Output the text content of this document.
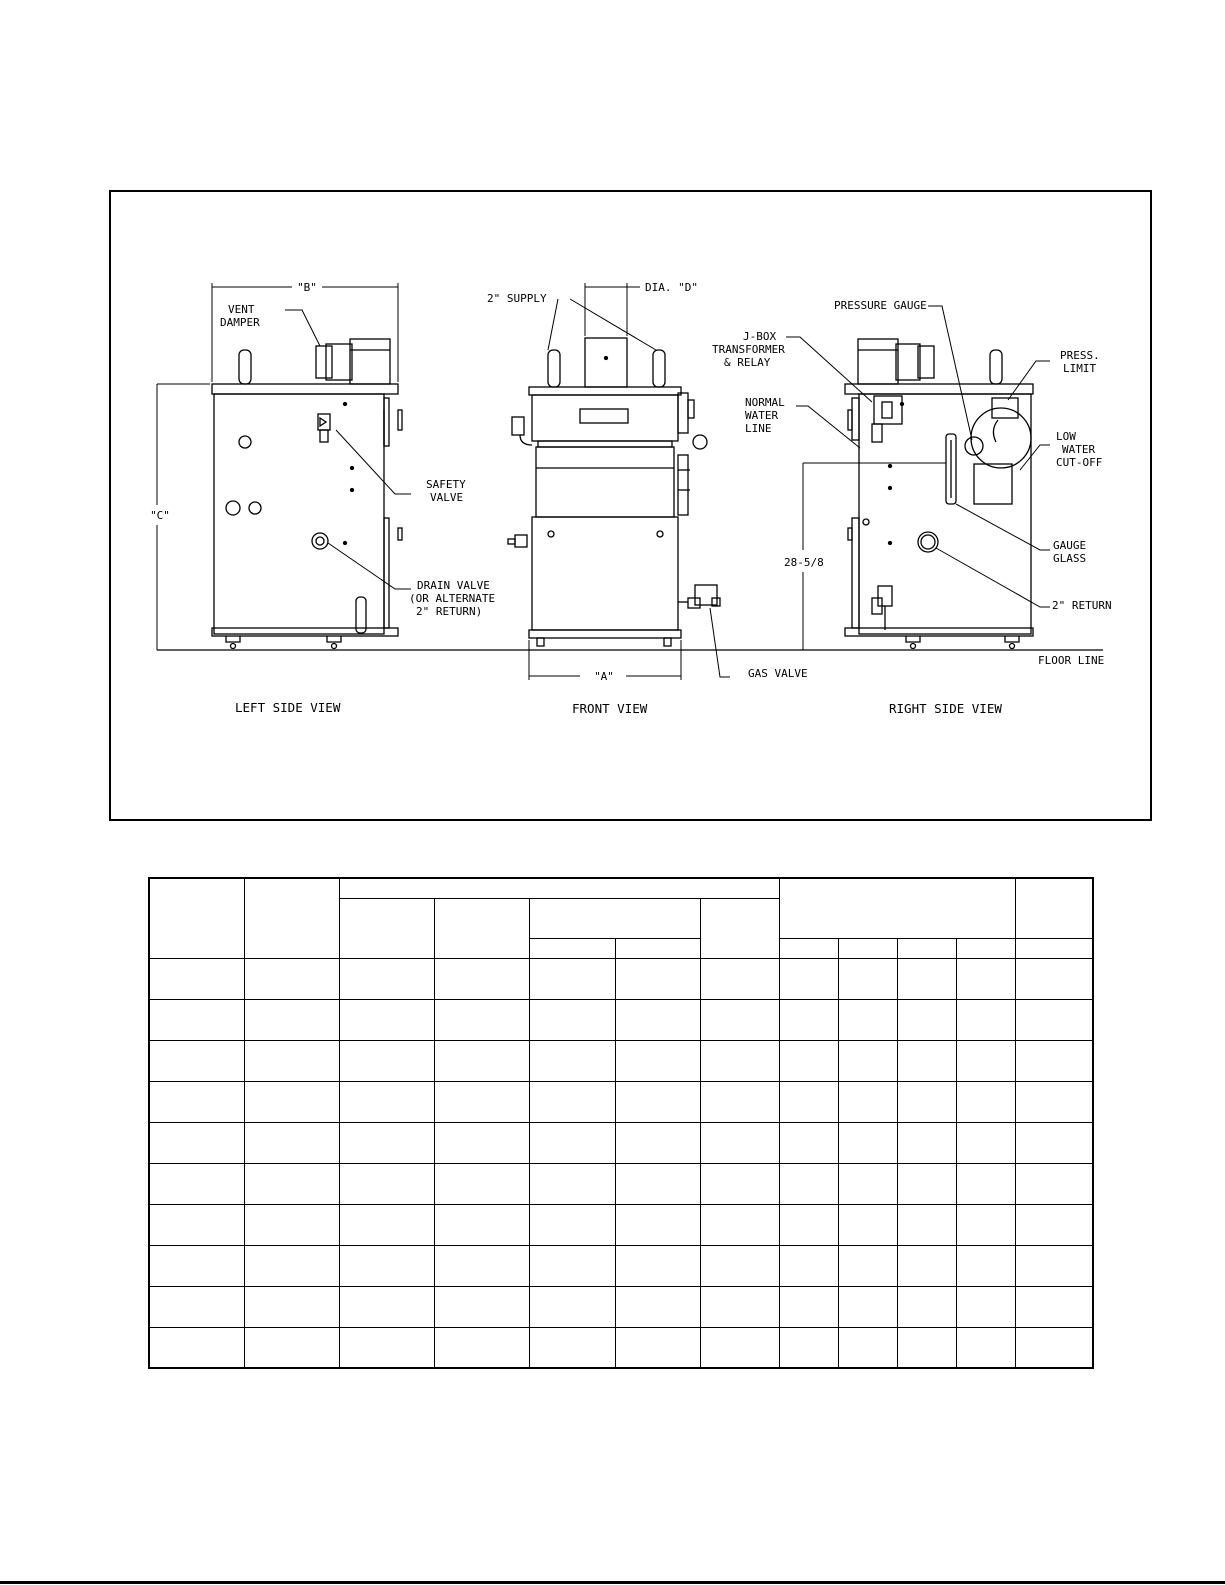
"B"
"C"
"A"
DIA. "D"
28-5/8
VENT
DAMPER
2" SUPPLY
SAFETY
VALVE
DRAIN VALVE
(OR ALTERNATE
2" RETURN)
GAS VALVE
J-BOX
TRANSFORMER
& RELAY
NORMAL
WATER
LINE
PRESSURE GAUGE
PRESS.
LIMIT
LOW
WATER
CUT-OFF
GAUGE
GLASS
2" RETURN
FLOOR LINE
LEFT SIDE VIEW	FRONT VIEW	RIGHT SIDE VIEW
